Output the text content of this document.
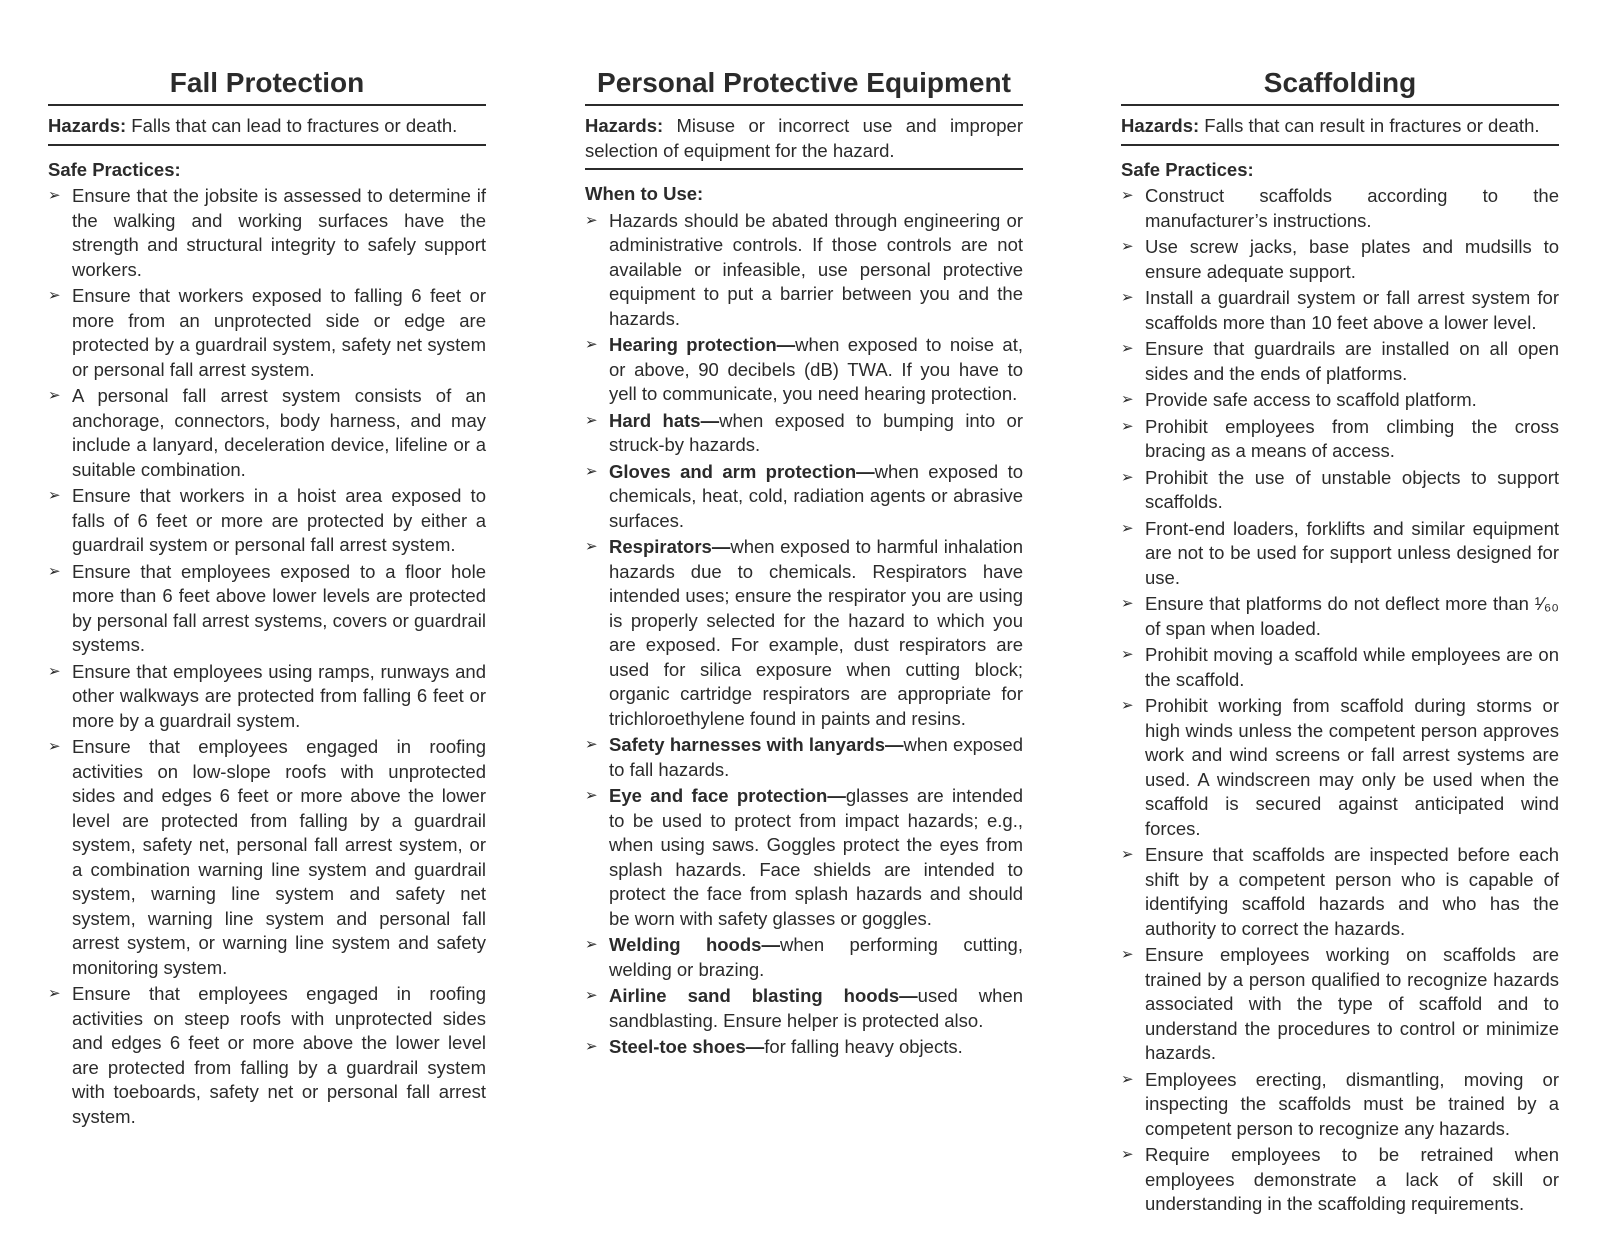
Fall Protection

Hazards: Falls that can lead to fractures or death.

Safe Practices:
➢ Ensure that the jobsite is assessed to determine if the walking and working surfaces have the strength and structural integrity to safely support workers.
➢ Ensure that workers exposed to falling 6 feet or more from an unprotected side or edge are protected by a guardrail system, safety net system or personal fall arrest system.
➢ A personal fall arrest system consists of an anchorage, connectors, body harness, and may include a lanyard, deceleration device, lifeline or a suitable combination.
➢ Ensure that workers in a hoist area exposed to falls of 6 feet or more are protected by either a guardrail system or personal fall arrest system.
➢ Ensure that employees exposed to a floor hole more than 6 feet above lower levels are protected by personal fall arrest systems, covers or guardrail systems.
➢ Ensure that employees using ramps, runways and other walkways are protected from falling 6 feet or more by a guardrail system.
➢ Ensure that employees engaged in roofing activities on low-slope roofs with unprotected sides and edges 6 feet or more above the lower level are protected from falling by a guardrail system, safety net, personal fall arrest system, or a combination warning line system and guardrail system, warning line system and safety net system, warning line system and personal fall arrest system, or warning line system and safety monitoring system.
➢ Ensure that employees engaged in roofing activities on steep roofs with unprotected sides and edges 6 feet or more above the lower level are protected from falling by a guardrail system with toeboards, safety net or personal fall arrest system.
Personal Protective Equipment

Hazards: Misuse or incorrect use and improper selection of equipment for the hazard.

When to Use:
➢ Hazards should be abated through engineering or administrative controls. If those controls are not available or infeasible, use personal protective equipment to put a barrier between you and the hazards.
➢ Hearing protection—when exposed to noise at, or above, 90 decibels (dB) TWA. If you have to yell to communicate, you need hearing protection.
➢ Hard hats—when exposed to bumping into or struck-by hazards.
➢ Gloves and arm protection—when exposed to chemicals, heat, cold, radiation agents or abrasive surfaces.
➢ Respirators—when exposed to harmful inhalation hazards due to chemicals. Respirators have intended uses; ensure the respirator you are using is properly selected for the hazard to which you are exposed. For example, dust respirators are used for silica exposure when cutting block; organic cartridge respirators are appropriate for trichloroethylene found in paints and resins.
➢ Safety harnesses with lanyards—when exposed to fall hazards.
➢ Eye and face protection—glasses are intended to be used to protect from impact hazards; e.g., when using saws. Goggles protect the eyes from splash hazards. Face shields are intended to protect the face from splash hazards and should be worn with safety glasses or goggles.
➢ Welding hoods—when performing cutting, welding or brazing.
➢ Airline sand blasting hoods—used when sandblasting. Ensure helper is protected also.
➢ Steel-toe shoes—for falling heavy objects.
Scaffolding

Hazards: Falls that can result in fractures or death.

Safe Practices:
➢ Construct scaffolds according to the manufacturer’s instructions.
➢ Use screw jacks, base plates and mudsills to ensure adequate support.
➢ Install a guardrail system or fall arrest system for scaffolds more than 10 feet above a lower level.
➢ Ensure that guardrails are installed on all open sides and the ends of platforms.
➢ Provide safe access to scaffold platform.
➢ Prohibit employees from climbing the cross bracing as a means of access.
➢ Prohibit the use of unstable objects to support scaffolds.
➢ Front-end loaders, forklifts and similar equipment are not to be used for support unless designed for use.
➢ Ensure that platforms do not deflect more than ¹⁄₆₀ of span when loaded.
➢ Prohibit moving a scaffold while employees are on the scaffold.
➢ Prohibit working from scaffold during storms or high winds unless the competent person approves work and wind screens or fall arrest systems are used. A windscreen may only be used when the scaffold is secured against anticipated wind forces.
➢ Ensure that scaffolds are inspected before each shift by a competent person who is capable of identifying scaffold hazards and who has the authority to correct the hazards.
➢ Ensure employees working on scaffolds are trained by a person qualified to recognize hazards associated with the type of scaffold and to understand the procedures to control or minimize hazards.
➢ Employees erecting, dismantling, moving or inspecting the scaffolds must be trained by a competent person to recognize any hazards.
➢ Require employees to be retrained when employees demonstrate a lack of skill or understanding in the scaffolding requirements.
